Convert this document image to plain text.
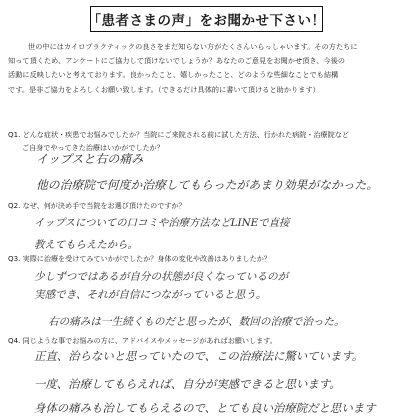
「患者さまの声」をお聞かせ下さい！

世の中にはカイロプラクティックの良さをまだ知らない方がたくさんいらっしゃいます。その方たちに

知って頂くため、アンケートにご協力して頂けないでしょうか？あなたのご意見をお聞かせ頂き、今後の

活動に反映したいと考えております。良かったこと、嬉しかったこと、どのような些細なことでも結構

です。是非ご協力をよろしくお願い致します。（できるだけ具体的に書いて頂けると助かります）

Q1. どんな症状・疾患でお悩みでしたか？当院にご来院される前に試した方法、行かれた病院・治療院など
ご自身でやってきた治療はいかがでしたか？
イップスと右の痛み
他の治療院で何度か治療してもらったがあまり効果がなかった。
Q2. なぜ、何が決め手で当院をお選び頂けたのですか？
イップスについての口コミや治療方法などLINEで直接
教えてもらえたから。
Q3. 実際に治療を受けてみていかがでしたか？身体の変化や改善はありましたか？
少しずつではあるが自分の状態が良くなっているのが
実感でき、それが自信につながっていると思う。
右の痛みは一生続くものだと思ったが、数回の治療で治った。
Q4. 同じような事でお悩みの方に、アドバイスやメッセージがあればお願いします。
正直、治らないと思っていたので、この治療法に驚いています。
一度、治療してもらえれば、自分が実感できると思います。
身体の痛みも治してもらえるので、とても良い治療院だと思います
